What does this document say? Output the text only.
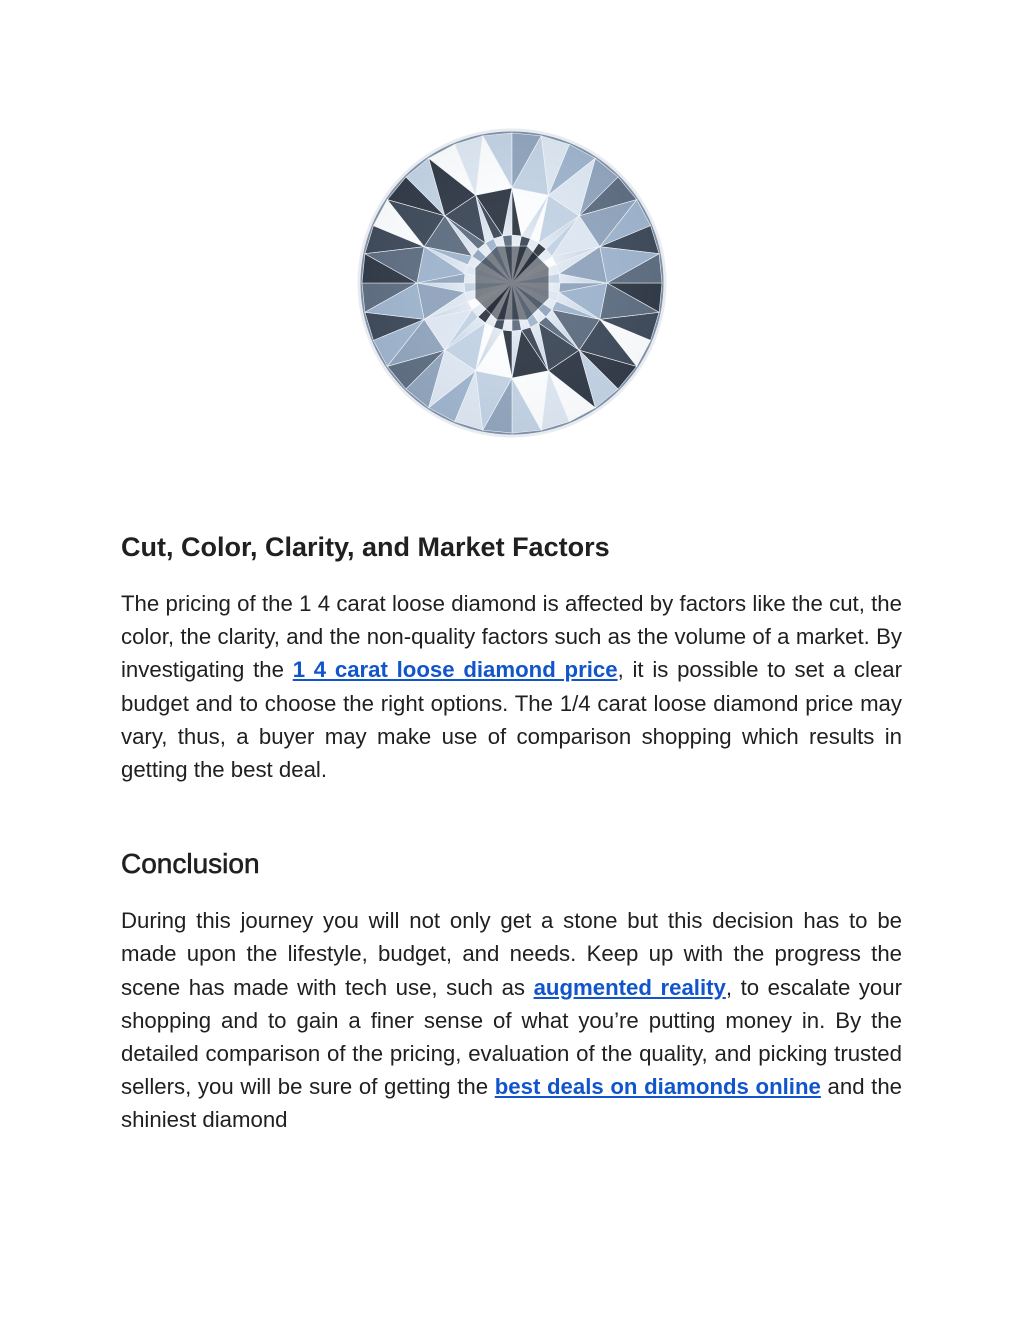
Cut, Color, Clarity, and Market Factors

The pricing of the 1 4 carat loose diamond is affected by factors like the cut, the color, the clarity, and the non-quality factors such as the volume of a market. By investigating the 1 4 carat loose diamond price, it is possible to set a clear budget and to choose the right options. The 1/4 carat loose diamond price may vary, thus, a buyer may make use of comparison shopping which results in getting the best deal.

Conclusion

During this journey you will not only get a stone but this decision has to be made upon the lifestyle, budget, and needs. Keep up with the progress the scene has made with tech use, such as augmented reality, to escalate your shopping and to gain a finer sense of what you’re putting money in. By the detailed comparison of the pricing, evaluation of the quality, and picking trusted sellers, you will be sure of getting the best deals on diamonds online and the shiniest diamond
